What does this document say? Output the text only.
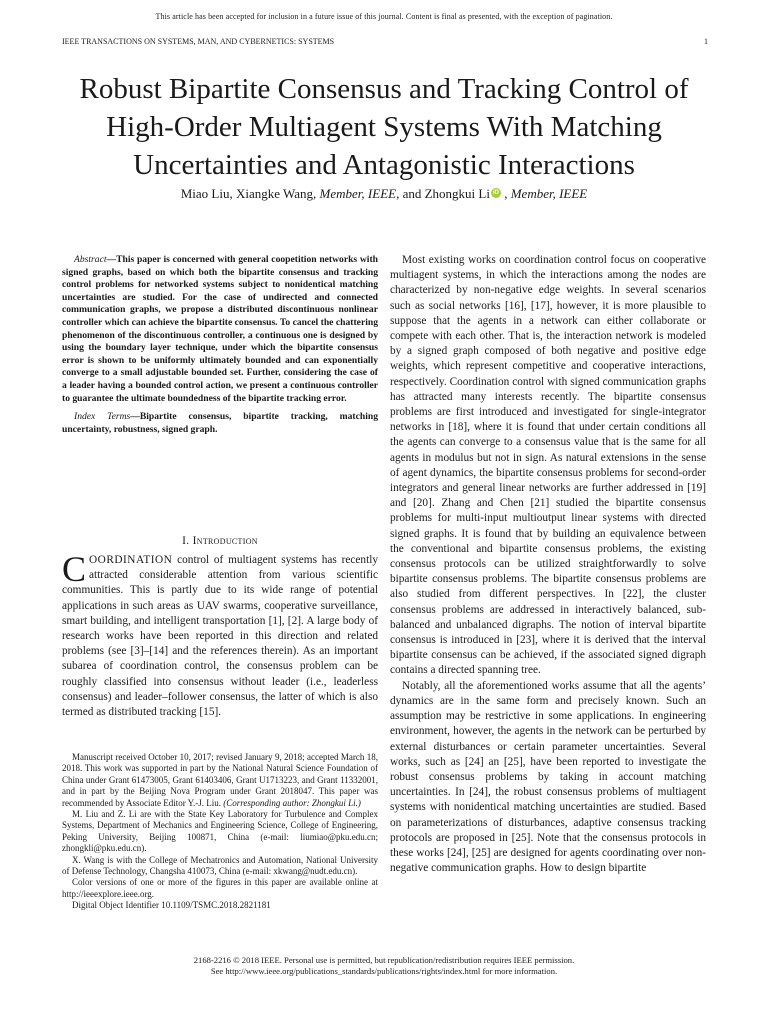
This article has been accepted for inclusion in a future issue of this journal. Content is final as presented, with the exception of pagination.
IEEE TRANSACTIONS ON SYSTEMS, MAN, AND CYBERNETICS: SYSTEMS	1
Robust Bipartite Consensus and Tracking Control of
High-Order Multiagent Systems With Matching
Uncertainties and Antagonistic Interactions
Miao Liu, Xiangke Wang, Member, IEEE, and Zhongkui Li iD , Member, IEEE

Abstract—This paper is concerned with general coopetition networks with signed graphs, based on which both the bipartite consensus and tracking control problems for networked systems subject to nonidentical matching uncertainties are studied. For the case of undirected and connected communication graphs, we propose a distributed discontinuous nonlinear controller which can achieve the bipartite consensus. To cancel the chattering phenomenon of the discontinuous controller, a continuous one is designed by using the boundary layer technique, under which the bipartite consensus error is shown to be uniformly ultimately bounded and can exponentially converge to a small adjustable bounded set. Further, considering the case of a leader having a bounded control action, we present a continuous controller to guarantee the ultimate boundedness of the bipartite tracking error.

Index Terms—Bipartite consensus, bipartite tracking, matching uncertainty, robustness, signed graph.

I. Introduction

COORDINATION control of multiagent systems has recently attracted considerable attention from various scientific communities. This is partly due to its wide range of potential applications in such areas as UAV swarms, cooperative surveillance, smart building, and intelligent transportation [1], [2]. A large body of research works have been reported in this direction and related problems (see [3]–[14] and the references therein). As an important subarea of coordination control, the consensus problem can be roughly classified into consensus without leader (i.e., leaderless consensus) and leader–follower consensus, the latter of which is also termed as distributed tracking [15].

Manuscript received October 10, 2017; revised January 9, 2018; accepted March 18, 2018. This work was supported in part by the National Natural Science Foundation of China under Grant 61473005, Grant 61403406, Grant U1713223, and Grant 11332001, and in part by the Beijing Nova Program under Grant 2018047. This paper was recommended by Associate Editor Y.-J. Liu. (Corresponding author: Zhongkui Li.)

M. Liu and Z. Li are with the State Key Laboratory for Turbulence and Complex Systems, Department of Mechanics and Engineering Science, College of Engineering, Peking University, Beijing 100871, China (e-mail: liumiao@pku.edu.cn; zhongkli@pku.edu.cn).

X. Wang is with the College of Mechatronics and Automation, National University of Defense Technology, Changsha 410073, China (e-mail: xkwang@nudt.edu.cn).

Color versions of one or more of the figures in this paper are available online at http://ieeexplore.ieee.org.

Digital Object Identifier 10.1109/TSMC.2018.2821181

Most existing works on coordination control focus on cooperative multiagent systems, in which the interactions among the nodes are characterized by non-negative edge weights. In several scenarios such as social networks [16], [17], however, it is more plausible to suppose that the agents in a network can either collaborate or compete with each other. That is, the interaction network is modeled by a signed graph composed of both negative and positive edge weights, which represent competitive and cooperative interactions, respectively. Coordination control with signed communication graphs has attracted many interests recently. The bipartite consensus problems are first introduced and investigated for single-integrator networks in [18], where it is found that under certain conditions all the agents can converge to a consensus value that is the same for all agents in modulus but not in sign. As natural extensions in the sense of agent dynamics, the bipartite consensus problems for second-order integrators and general linear networks are further addressed in [19] and [20]. Zhang and Chen [21] studied the bipartite consensus problems for multi-input multioutput linear systems with directed signed graphs. It is found that by building an equivalence between the conventional and bipartite consensus problems, the existing consensus protocols can be utilized straightforwardly to solve bipartite consensus problems. The bipartite consensus problems are also studied from different perspectives. In [22], the cluster consensus problems are addressed in interactively balanced, sub-balanced and unbalanced digraphs. The notion of interval bipartite consensus is introduced in [23], where it is derived that the interval bipartite consensus can be achieved, if the associated signed digraph contains a directed spanning tree.

Notably, all the aforementioned works assume that all the agents’ dynamics are in the same form and precisely known. Such an assumption may be restrictive in some applications. In engineering environment, however, the agents in the network can be perturbed by external disturbances or certain parameter uncertainties. Several works, such as [24] an [25], have been reported to investigate the robust consensus problems by taking in account matching uncertainties. In [24], the robust consensus problems of multiagent systems with nonidentical matching uncertainties are studied. Based on parameterizations of disturbances, adaptive consensus tracking protocols are proposed in [25]. Note that the consensus protocols in these works [24], [25] are designed for agents coordinating over non-negative communication graphs. How to design bipartite

2168-2216 © 2018 IEEE. Personal use is permitted, but republication/redistribution requires IEEE permission.
See http://www.ieee.org/publications_standards/publications/rights/index.html for more information.
